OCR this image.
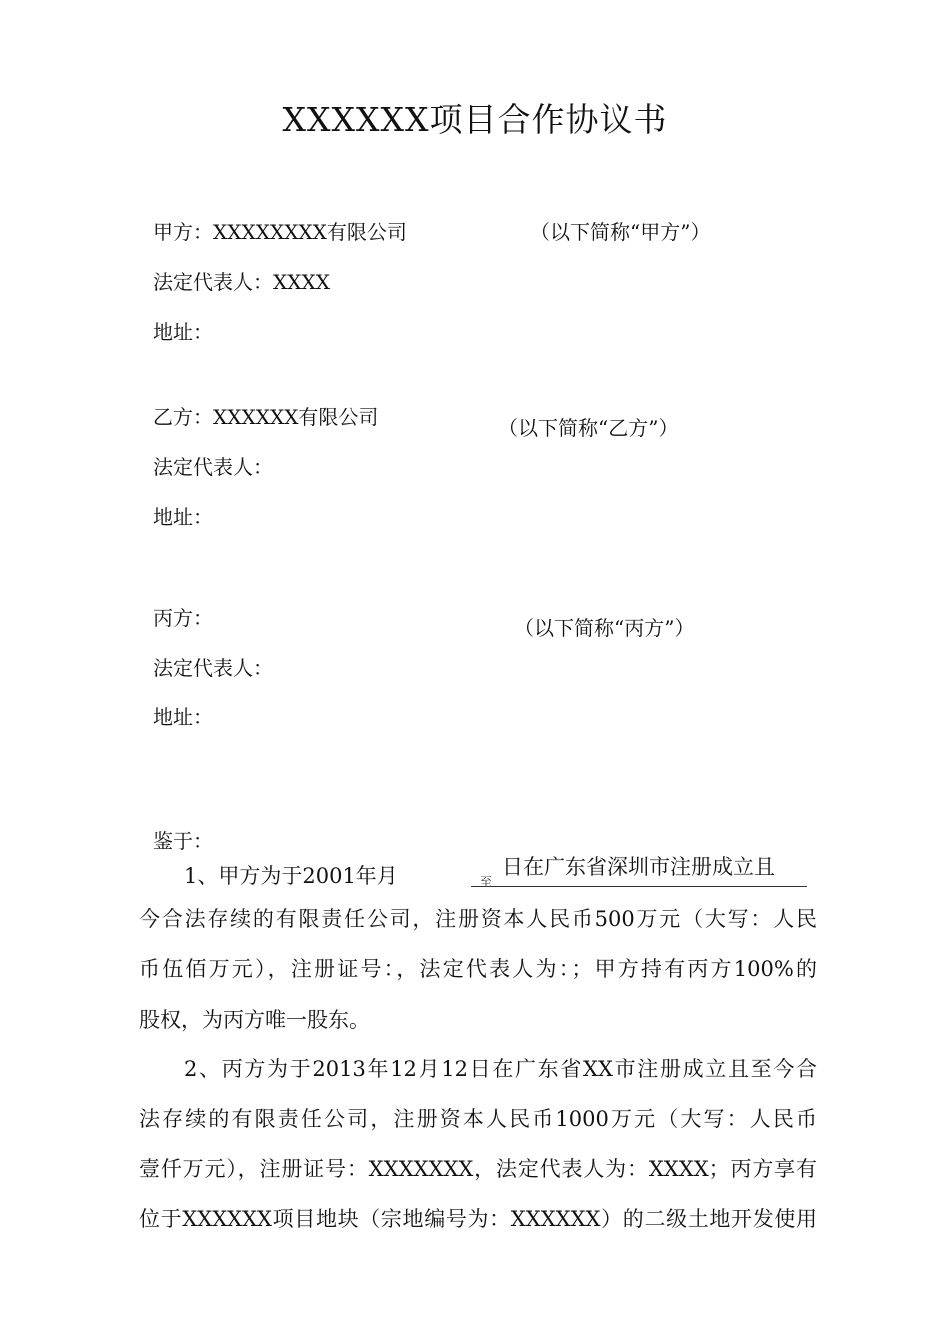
XXXXXX项目合作协议书
甲方：XXXXXXXX有限公司	（以下简称“甲方”）
法定代表人：XXXX
地址：
乙方：XXXXXX有限公司	（以下简称“乙方”）
法定代表人：
地址：
丙方：	（以下简称“丙方”）
法定代表人：
地址：
鉴于：
1、甲方为于2001年月	日在广东省深圳市注册成立且
至
今合法存续的有限责任公司，注册资本人民币500万元（大写：人民
币伍佰万元），注册证号：，法定代表人为：；甲方持有丙方100%的
股权，为丙方唯一股东。
2、丙方为于2013年12月12日在广东省XX市注册成立且至今合
法存续的有限责任公司，注册资本人民币1000万元（大写：人民币
壹仟万元），注册证号：XXXXXXX，法定代表人为：XXXX；丙方享有
位于XXXXXX项目地块（宗地编号为：XXXXXX）的二级土地开发使用
